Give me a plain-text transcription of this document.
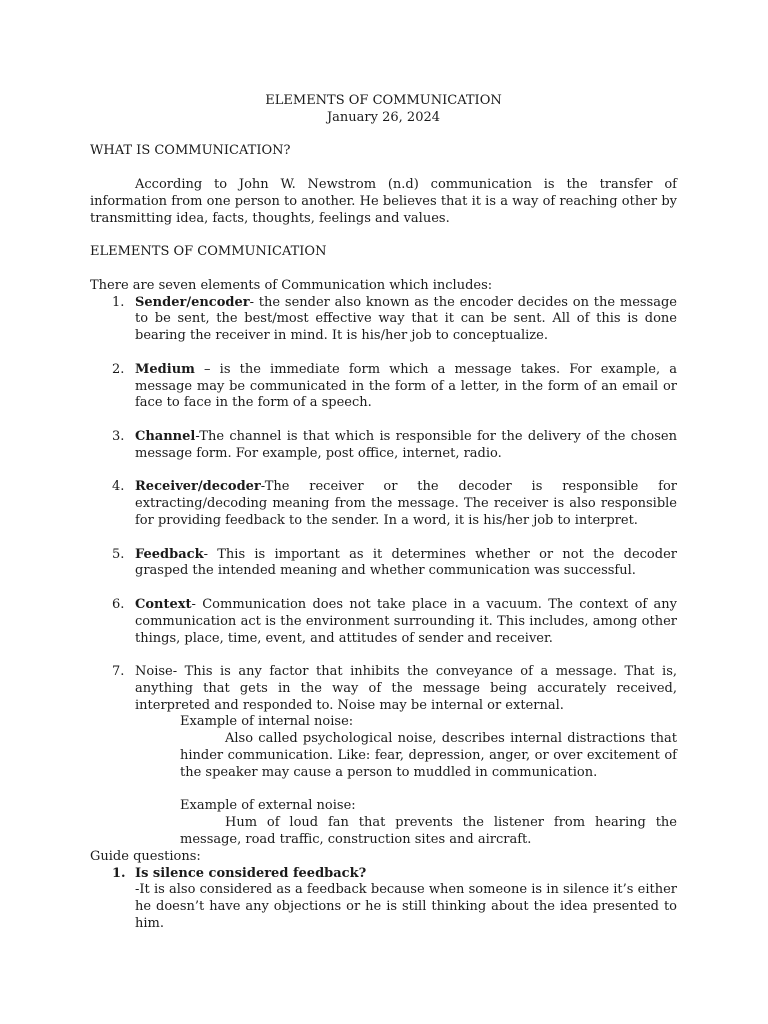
ELEMENTS OF COMMUNICATION
January 26, 2024
WHAT IS COMMUNICATION?
According to John W. Newstrom (n.d) communication is the transfer of information from one person to another. He believes that it is a way of reaching other by transmitting idea, facts, thoughts, feelings and values.
ELEMENTS OF COMMUNICATION
There are seven elements of Communication which includes:
1. Sender/encoder- the sender also known as the encoder decides on the message to be sent, the best/most effective way that it can be sent. All of this is done bearing the receiver in mind. It is his/her job to conceptualize.
2. Medium – is the immediate form which a message takes. For example, a message may be communicated in the form of a letter, in the form of an email or face to face in the form of a speech.
3. Channel-The channel is that which is responsible for the delivery of the chosen message form. For example, post office, internet, radio.
4. Receiver/decoder-The receiver or the decoder is responsible for extracting/decoding meaning from the message. The receiver is also responsible for providing feedback to the sender. In a word, it is his/her job to interpret.
5. Feedback- This is important as it determines whether or not the decoder grasped the intended meaning and whether communication was successful.
6. Context- Communication does not take place in a vacuum. The context of any communication act is the environment surrounding it. This includes, among other things, place, time, event, and attitudes of sender and receiver.
7. Noise- This is any factor that inhibits the conveyance of a message. That is, anything that gets in the way of the message being accurately received, interpreted and responded to. Noise may be internal or external.
Example of internal noise:
Also called psychological noise, describes internal distractions that hinder communication. Like: fear, depression, anger, or over excitement of the speaker may cause a person to muddled in communication.
Example of external noise:
Hum of loud fan that prevents the listener from hearing the message, road traffic, construction sites and aircraft.
Guide questions:
1. Is silence considered feedback?
-It is also considered as a feedback because when someone is in silence it’s either he doesn’t have any objections or he is still thinking about the idea presented to him.
